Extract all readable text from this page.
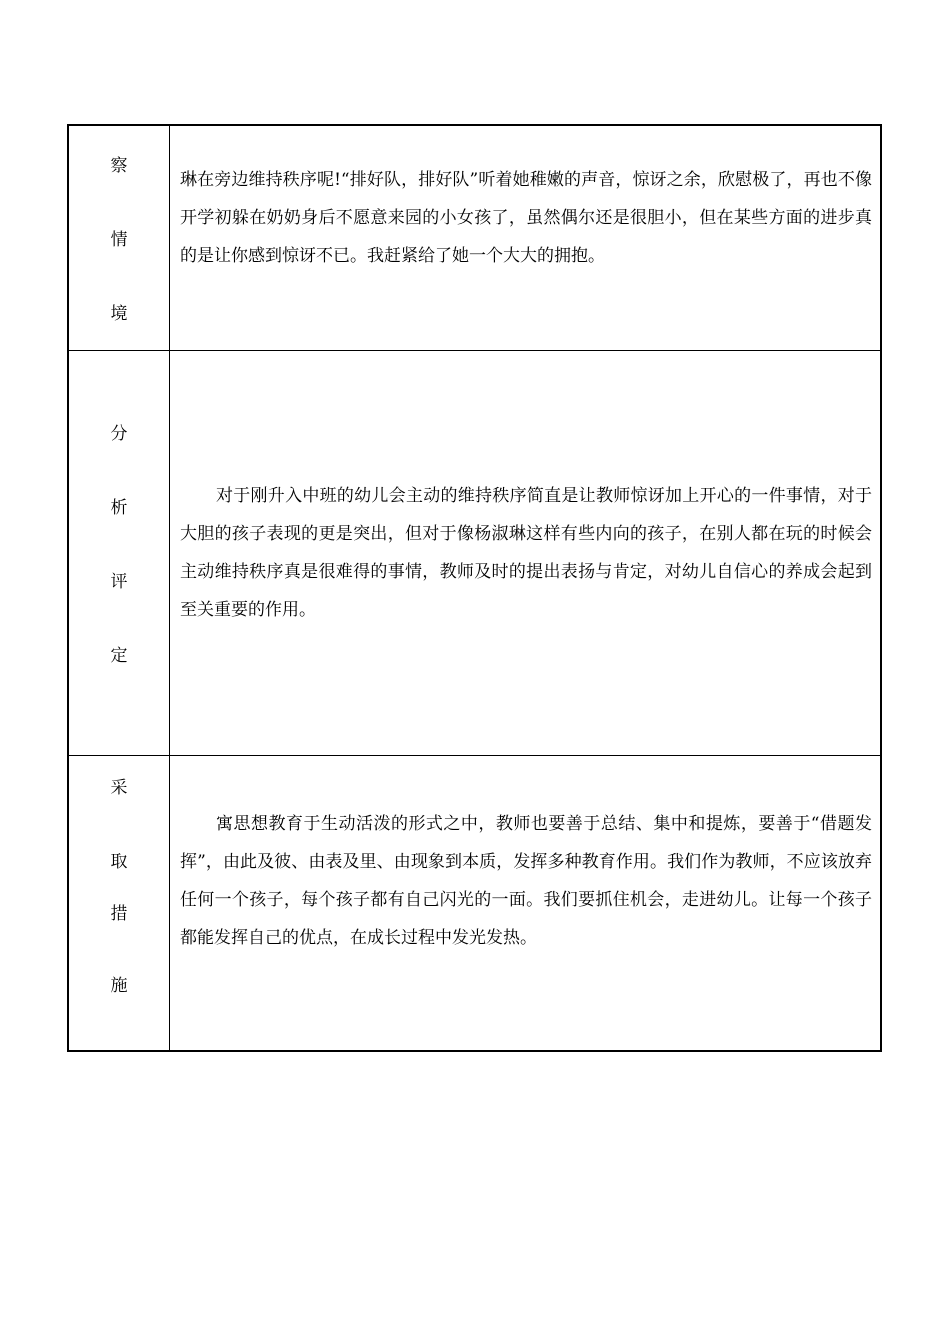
察
情
境	琳在旁边维持秩序呢!“排好队，排好队”听着她稚嫩的声音，惊讶之余，欣慰极了，再也不像开学初躲在奶奶身后不愿意来园的小女孩了，虽然偶尔还是很胆小，但在某些方面的进步真的是让你感到惊讶不已。我赶紧给了她一个大大的拥抱。

分
析
评
定	对于刚升入中班的幼儿会主动的维持秩序简直是让教师惊讶加上开心的一件事情，对于大胆的孩子表现的更是突出，但对于像杨淑琳这样有些内向的孩子，在别人都在玩的时候会主动维持秩序真是很难得的事情，教师及时的提出表扬与肯定，对幼儿自信心的养成会起到至关重要的作用。

采
取
措
施	寓思想教育于生动活泼的形式之中，教师也要善于总结、集中和提炼，要善于“借题发挥”，由此及彼、由表及里、由现象到本质，发挥多种教育作用。我们作为教师，不应该放弃任何一个孩子，每个孩子都有自己闪光的一面。我们要抓住机会，走进幼儿。让每一个孩子都能发挥自己的优点，在成长过程中发光发热。
